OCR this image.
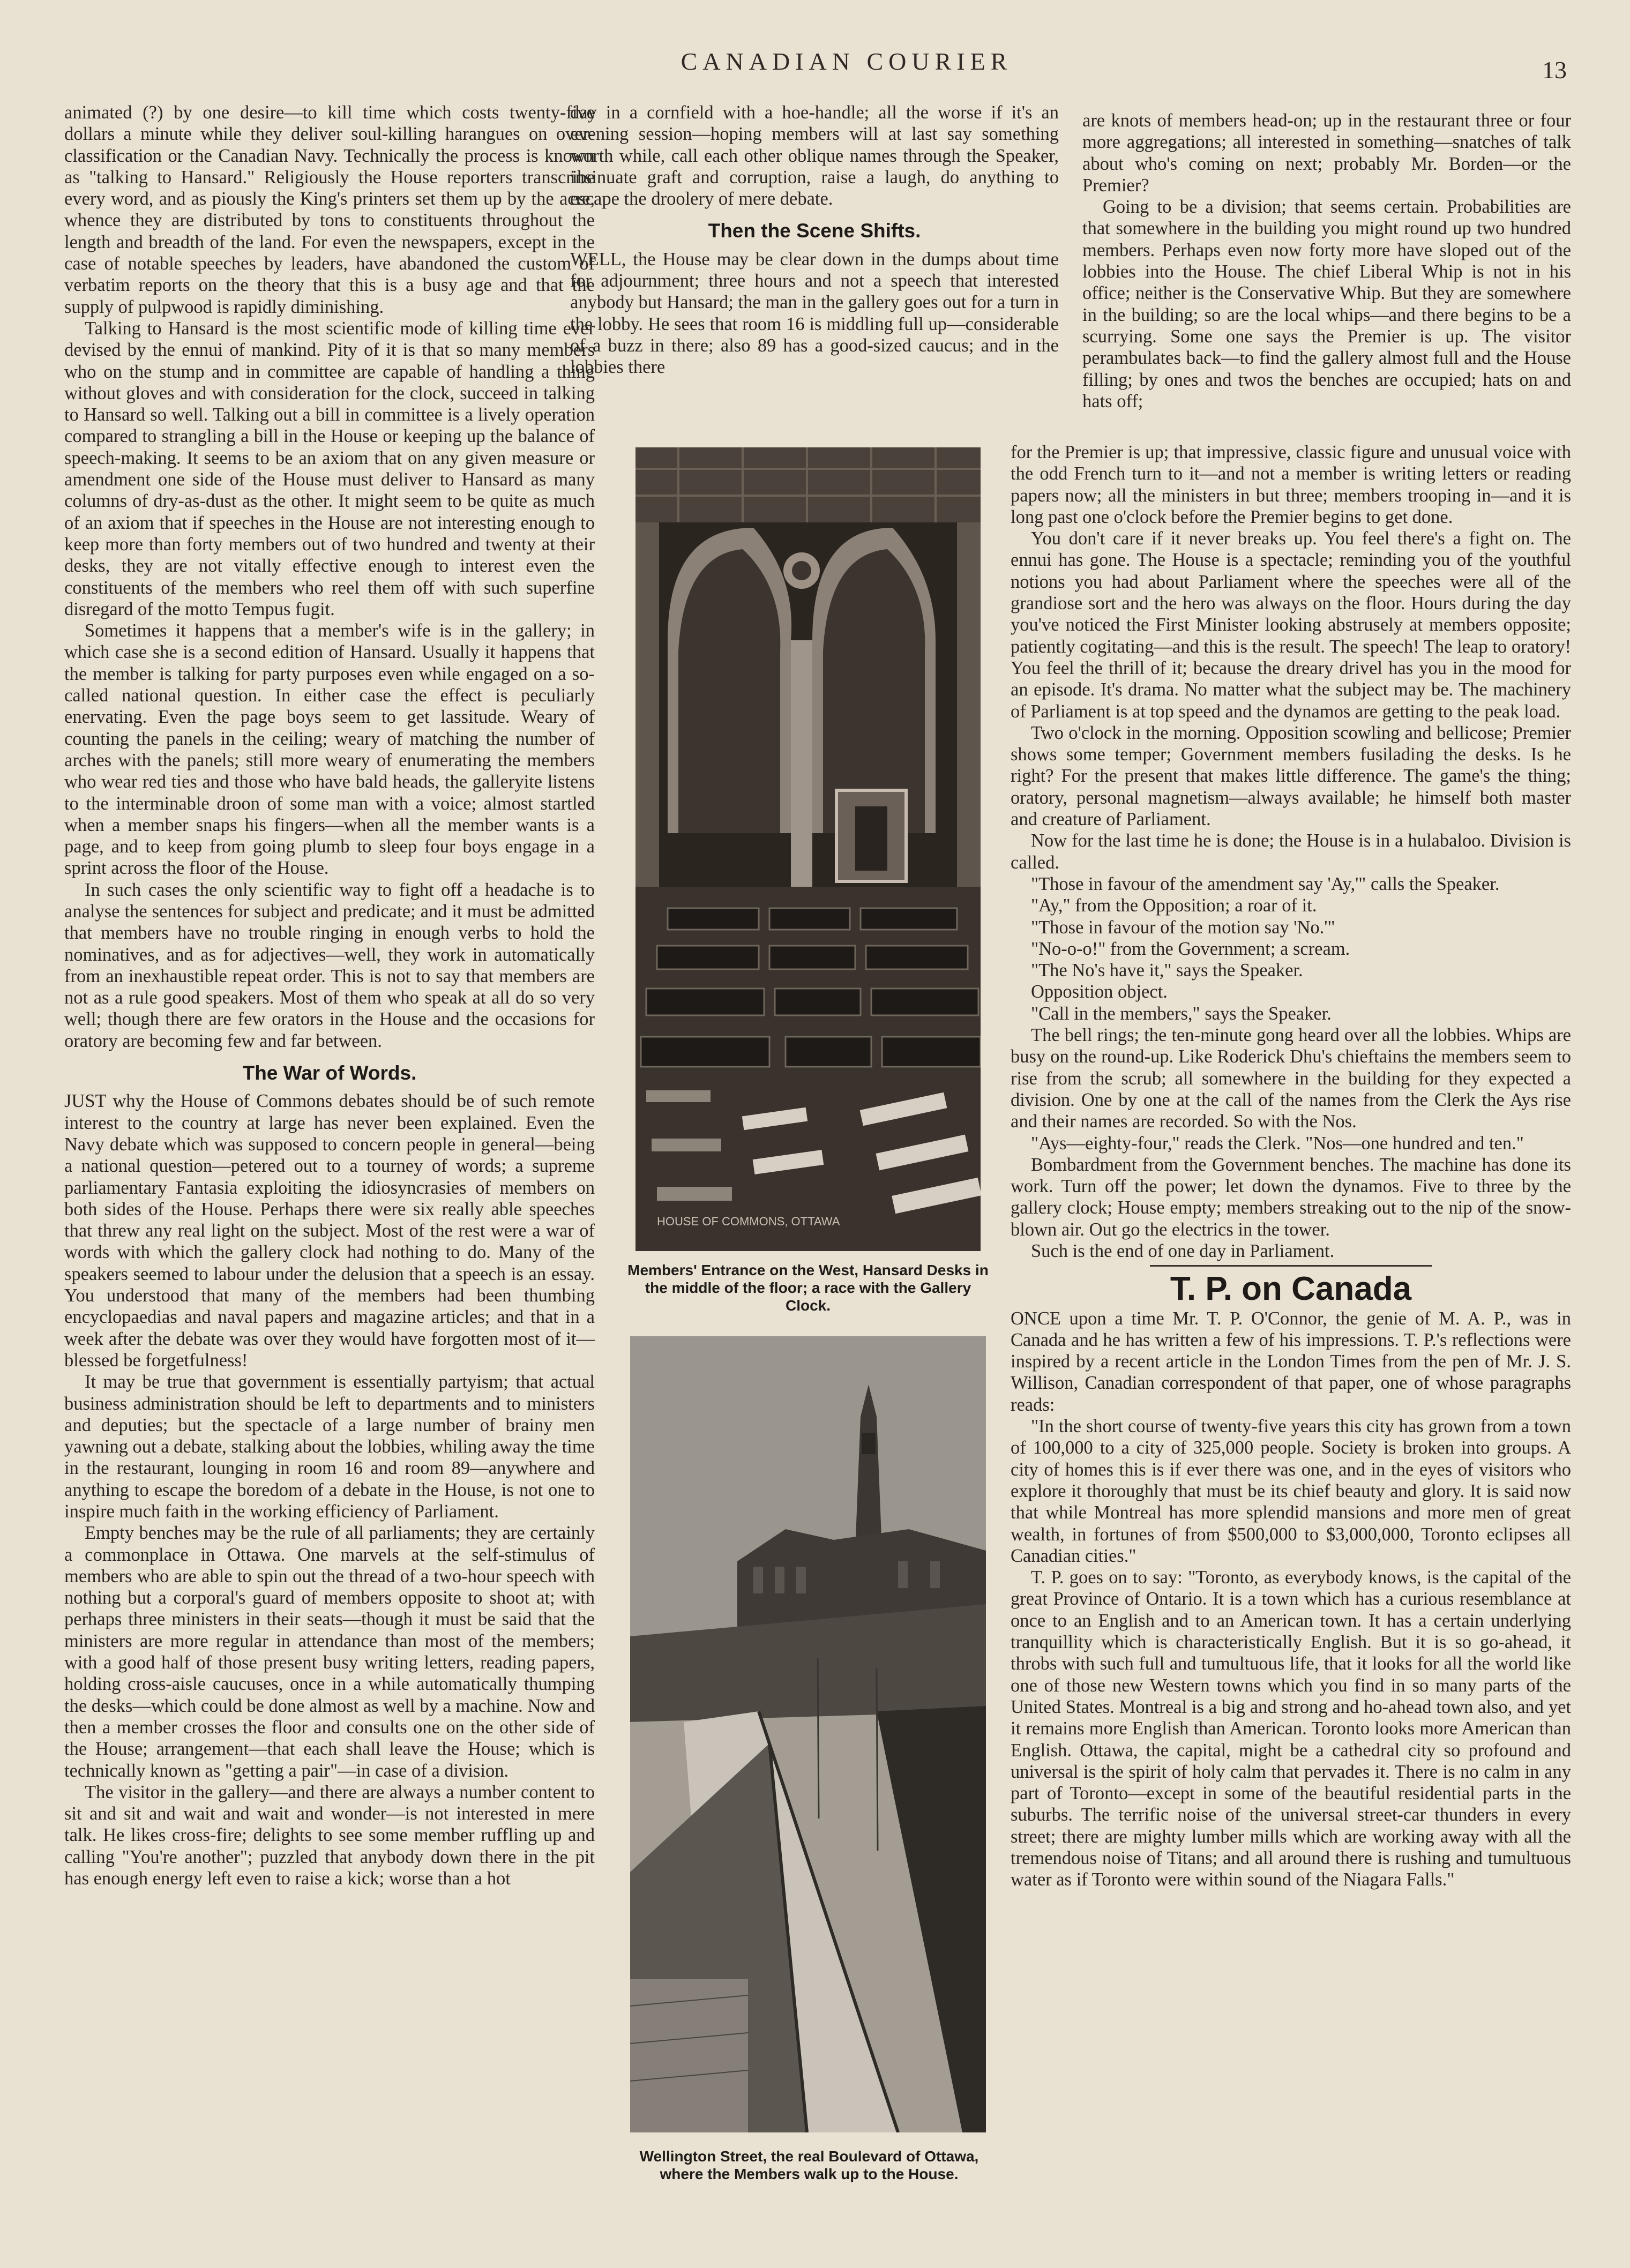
CANADIAN COURIER	13

animated (?) by one desire—to kill time which costs twenty-five dollars a minute while they deliver soul-killing harangues on over-classification or the Canadian Navy. Technically the process is known as "talking to Hansard." Religiously the House reporters transcribe every word, and as piously the King's printers set them up by the acre, whence they are distributed by tons to constituents throughout the length and breadth of the land. For even the newspapers, except in the case of notable speeches by leaders, have abandoned the custom of verbatim reports on the theory that this is a busy age and that the supply of pulpwood is rapidly diminishing.

Talking to Hansard is the most scientific mode of killing time ever devised by the ennui of mankind. Pity of it is that so many members who on the stump and in committee are capable of handling a thing without gloves and with consideration for the clock, succeed in talking to Hansard so well. Talking out a bill in committee is a lively operation compared to strangling a bill in the House or keeping up the balance of speech-making. It seems to be an axiom that on any given measure or amendment one side of the House must deliver to Hansard as many columns of dry-as-dust as the other. It might seem to be quite as much of an axiom that if speeches in the House are not interesting enough to keep more than forty members out of two hundred and twenty at their desks, they are not vitally effective enough to interest even the constituents of the members who reel them off with such superfine disregard of the motto Tempus fugit.

Sometimes it happens that a member's wife is in the gallery; in which case she is a second edition of Hansard. Usually it happens that the member is talking for party purposes even while engaged on a so-called national question. In either case the effect is peculiarly enervating. Even the page boys seem to get lassitude. Weary of counting the panels in the ceiling; weary of matching the number of arches with the panels; still more weary of enumerating the members who wear red ties and those who have bald heads, the galleryite listens to the interminable droon of some man with a voice; almost startled when a member snaps his fingers—when all the member wants is a page, and to keep from going plumb to sleep four boys engage in a sprint across the floor of the House.

In such cases the only scientific way to fight off a headache is to analyse the sentences for subject and predicate; and it must be admitted that members have no trouble ringing in enough verbs to hold the nominatives, and as for adjectives—well, they work in automatically from an inexhaustible repeat order. This is not to say that members are not as a rule good speakers. Most of them who speak at all do so very well; though there are few orators in the House and the occasions for oratory are becoming few and far between.

The War of Words.

JUST why the House of Commons debates should be of such remote interest to the country at large has never been explained. Even the Navy debate which was supposed to concern people in general—being a national question—petered out to a tourney of words; a supreme parliamentary Fantasia exploiting the idiosyncrasies of members on both sides of the House. Perhaps there were six really able speeches that threw any real light on the subject. Most of the rest were a war of words with which the gallery clock had nothing to do. Many of the speakers seemed to labour under the delusion that a speech is an essay. You understood that many of the members had been thumbing encyclopaedias and naval papers and magazine articles; and that in a week after the debate was over they would have forgotten most of it—blessed be forgetfulness!

It may be true that government is essentially partyism; that actual business administration should be left to departments and to ministers and deputies; but the spectacle of a large number of brainy men yawning out a debate, stalking about the lobbies, whiling away the time in the restaurant, lounging in room 16 and room 89—anywhere and anything to escape the boredom of a debate in the House, is not one to inspire much faith in the working efficiency of Parliament.

Empty benches may be the rule of all parliaments; they are certainly a commonplace in Ottawa. One marvels at the self-stimulus of members who are able to spin out the thread of a two-hour speech with nothing but a corporal's guard of members opposite to shoot at; with perhaps three ministers in their seats—though it must be said that the ministers are more regular in attendance than most of the members; with a good half of those present busy writing letters, reading papers, holding cross-aisle caucuses, once in a while automatically thumping the desks—which could be done almost as well by a machine. Now and then a member crosses the floor and consults one on the other side of the House; arrangement—that each shall leave the House; which is technically known as "getting a pair"—in case of a division.

The visitor in the gallery—and there are always a number content to sit and sit and wait and wait and wonder—is not interested in mere talk. He likes cross-fire; delights to see some member ruffling up and calling "You're another"; puzzled that anybody down there in the pit has enough energy left even to raise a kick; worse than a hot

day in a cornfield with a hoe-handle; all the worse if it's an evening session—hoping members will at last say something worth while, call each other oblique names through the Speaker, insinuate graft and corruption, raise a laugh, do anything to escape the droolery of mere debate.

Then the Scene Shifts.

WELL, the House may be clear down in the dumps about time for adjournment; three hours and not a speech that interested anybody but Hansard; the man in the gallery goes out for a turn in the lobby. He sees that room 16 is middling full up—considerable of a buzz in there; also 89 has a good-sized caucus; and in the lobbies there

HOUSE OF COMMONS, OTTAWA
Members' Entrance on the West, Hansard Desks in the middle of the floor; a race with the Gallery Clock.
Wellington Street, the real Boulevard of Ottawa, where the Members walk up to the House.

are knots of members head-on; up in the restaurant three or four more aggregations; all interested in something—snatches of talk about who's coming on next; probably Mr. Borden—or the Premier?

Going to be a division; that seems certain. Probabilities are that somewhere in the building you might round up two hundred members. Perhaps even now forty more have sloped out of the lobbies into the House. The chief Liberal Whip is not in his office; neither is the Conservative Whip. But they are somewhere in the building; so are the local whips—and there begins to be a scurrying. Some one says the Premier is up. The visitor perambulates back—to find the gallery almost full and the House filling; by ones and twos the benches are occupied; hats on and hats off;

for the Premier is up; that impressive, classic figure and unusual voice with the odd French turn to it—and not a member is writing letters or reading papers now; all the ministers in but three; members trooping in—and it is long past one o'clock before the Premier begins to get done.

You don't care if it never breaks up. You feel there's a fight on. The ennui has gone. The House is a spectacle; reminding you of the youthful notions you had about Parliament where the speeches were all of the grandiose sort and the hero was always on the floor. Hours during the day you've noticed the First Minister looking abstrusely at members opposite; patiently cogitating—and this is the result. The speech! The leap to oratory! You feel the thrill of it; because the dreary drivel has you in the mood for an episode. It's drama. No matter what the subject may be. The machinery of Parliament is at top speed and the dynamos are getting to the peak load.

Two o'clock in the morning. Opposition scowling and bellicose; Premier shows some temper; Government members fusilading the desks. Is he right? For the present that makes little difference. The game's the thing; oratory, personal magnetism—always available; he himself both master and creature of Parliament.

Now for the last time he is done; the House is in a hulabaloo. Division is called.

"Those in favour of the amendment say 'Ay,'" calls the Speaker.

"Ay," from the Opposition; a roar of it.

"Those in favour of the motion say 'No.'"

"No-o-o!" from the Government; a scream.

"The No's have it," says the Speaker.

Opposition object.

"Call in the members," says the Speaker.

The bell rings; the ten-minute gong heard over all the lobbies. Whips are busy on the round-up. Like Roderick Dhu's chieftains the members seem to rise from the scrub; all somewhere in the building for they expected a division. One by one at the call of the names from the Clerk the Ays rise and their names are recorded. So with the Nos.

"Ays—eighty-four," reads the Clerk. "Nos—one hundred and ten."

Bombardment from the Government benches. The machine has done its work. Turn off the power; let down the dynamos. Five to three by the gallery clock; House empty; members streaking out to the nip of the snow-blown air. Out go the electrics in the tower.

Such is the end of one day in Parliament.

T. P. on Canada

ONCE upon a time Mr. T. P. O'Connor, the genie of M. A. P., was in Canada and he has written a few of his impressions. T. P.'s reflections were inspired by a recent article in the London Times from the pen of Mr. J. S. Willison, Canadian correspondent of that paper, one of whose paragraphs reads:

"In the short course of twenty-five years this city has grown from a town of 100,000 to a city of 325,000 people. Society is broken into groups. A city of homes this is if ever there was one, and in the eyes of visitors who explore it thoroughly that must be its chief beauty and glory. It is said now that while Montreal has more splendid mansions and more men of great wealth, in fortunes of from $500,000 to $3,000,000, Toronto eclipses all Canadian cities."

T. P. goes on to say: "Toronto, as everybody knows, is the capital of the great Province of Ontario. It is a town which has a curious resemblance at once to an English and to an American town. It has a certain underlying tranquillity which is characteristically English. But it is so go-ahead, it throbs with such full and tumultuous life, that it looks for all the world like one of those new Western towns which you find in so many parts of the United States. Montreal is a big and strong and ho-ahead town also, and yet it remains more English than American. Toronto looks more American than English. Ottawa, the capital, might be a cathedral city so profound and universal is the spirit of holy calm that pervades it. There is no calm in any part of Toronto—except in some of the beautiful residential parts in the suburbs. The terrific noise of the universal street-car thunders in every street; there are mighty lumber mills which are working away with all the tremendous noise of Titans; and all around there is rushing and tumultuous water as if Toronto were within sound of the Niagara Falls."
